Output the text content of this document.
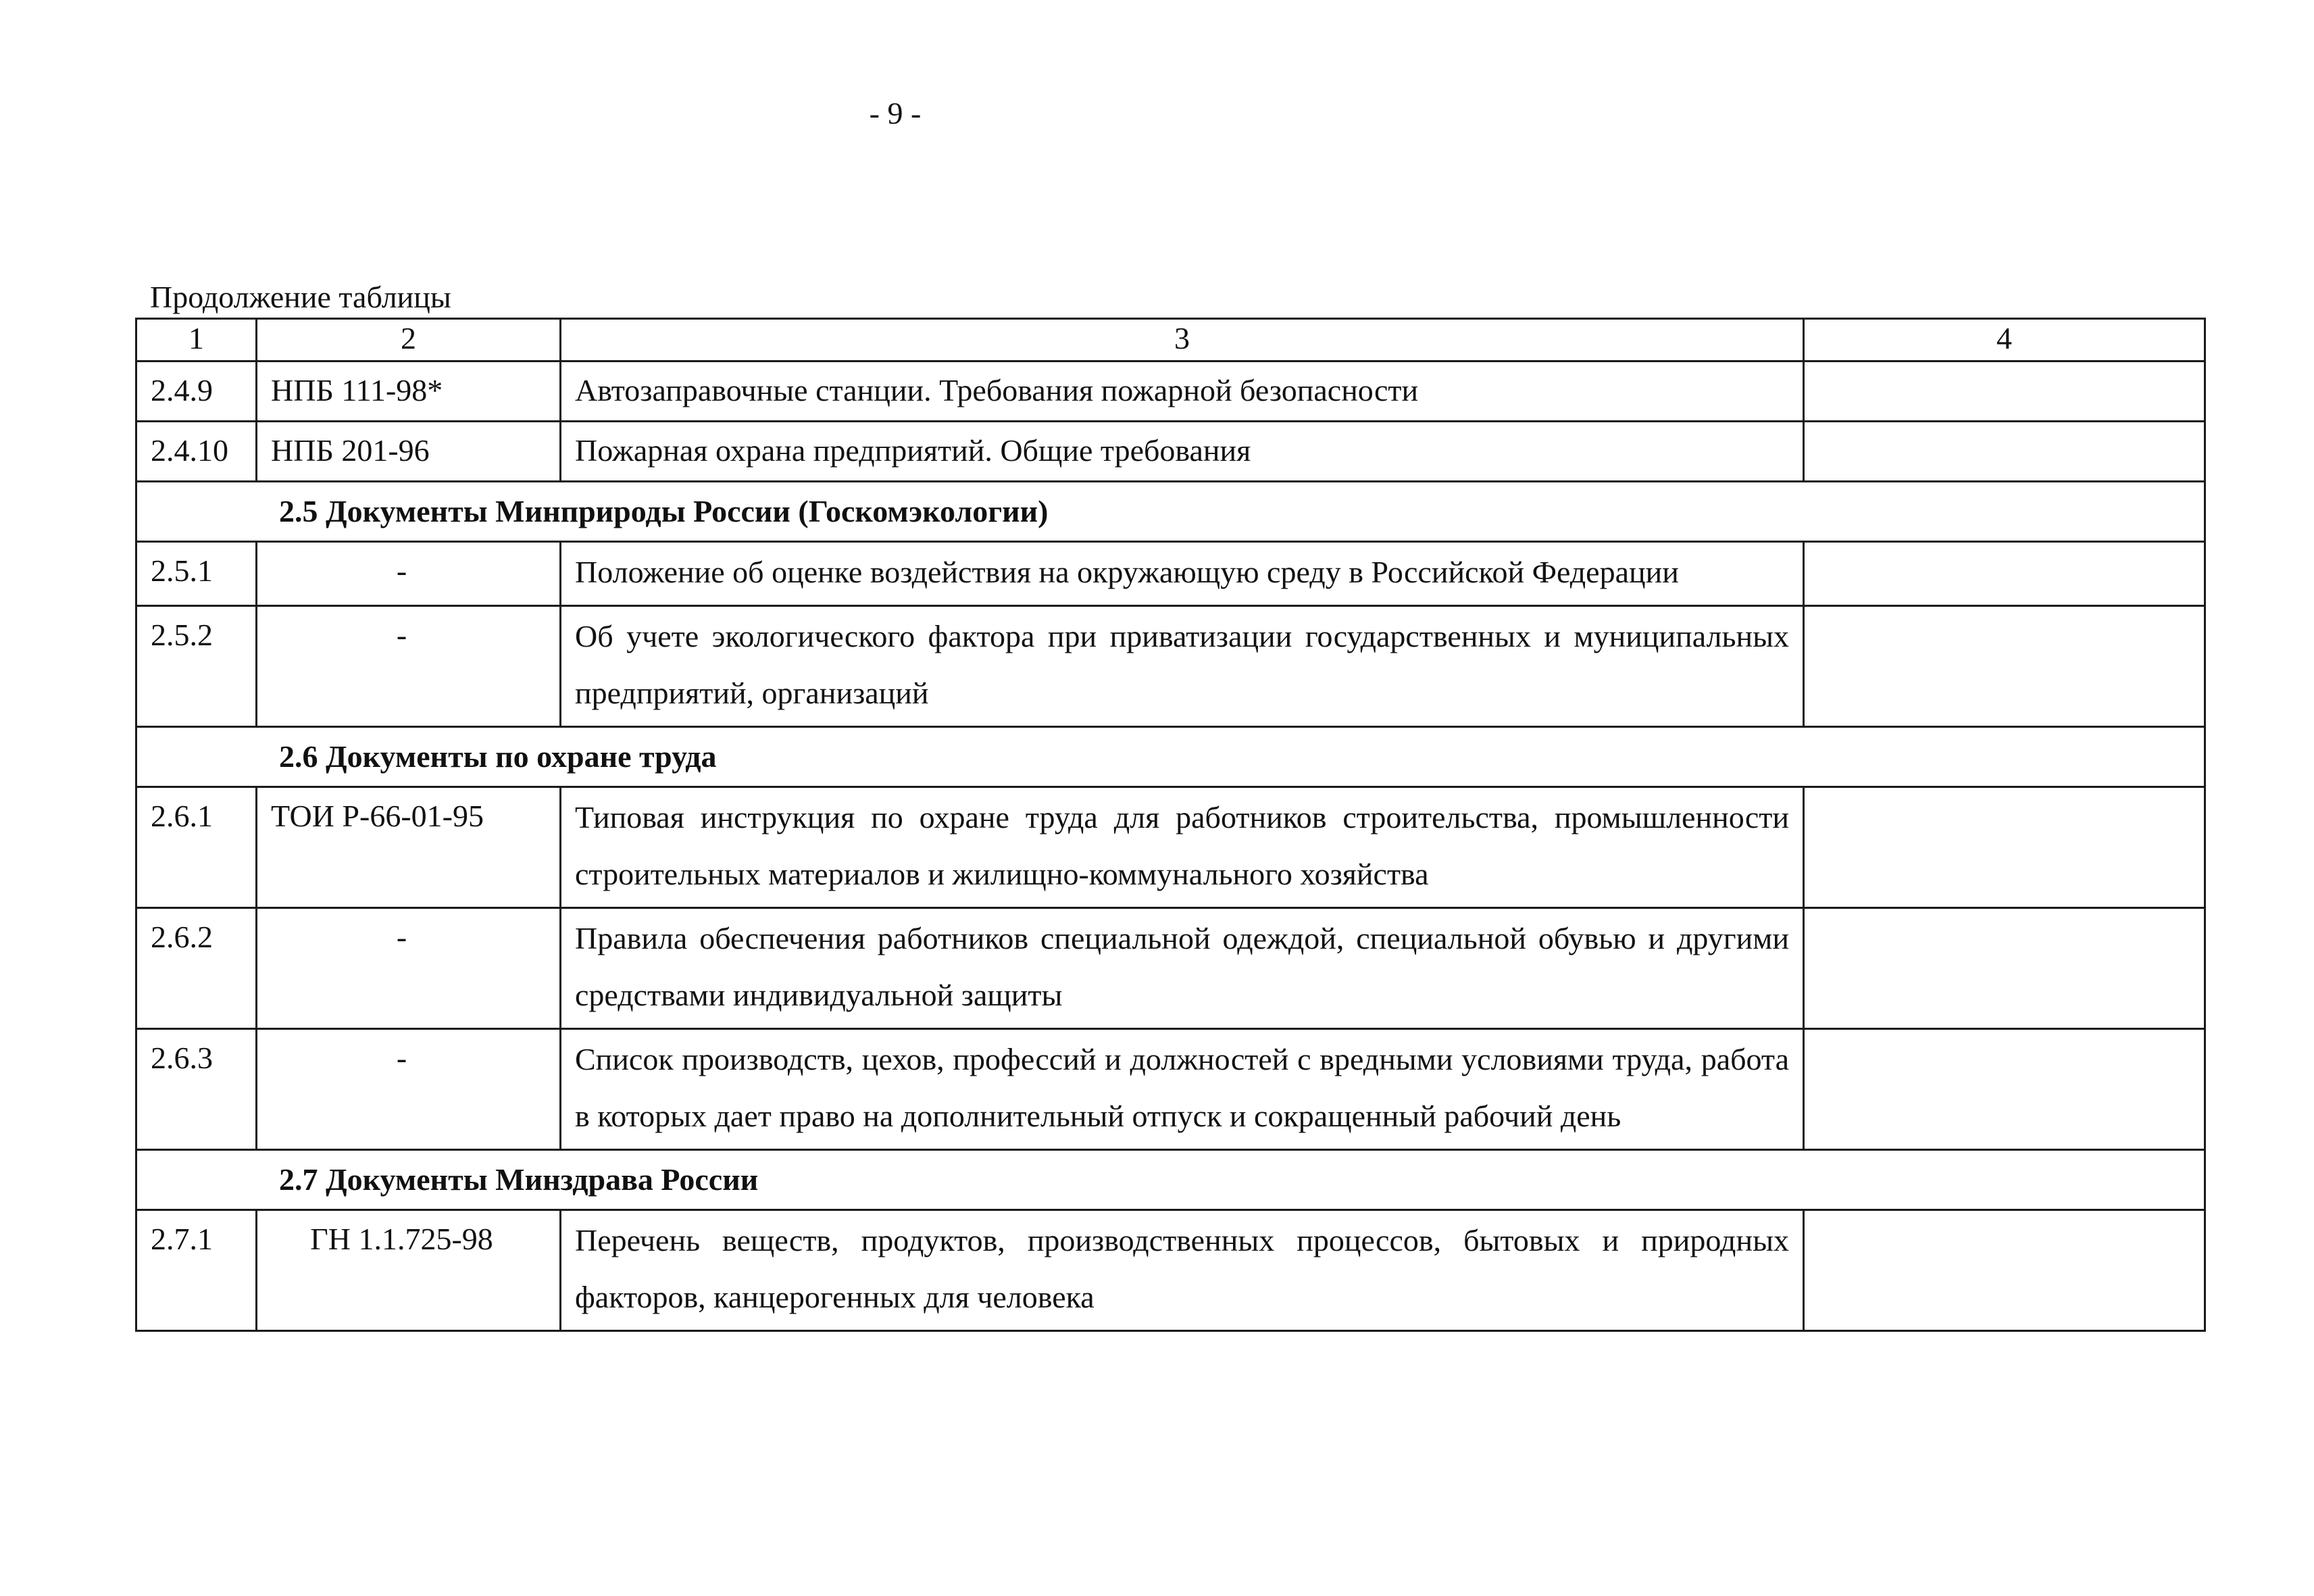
- 9 -
Продолжение таблицы
1	2	3	4
2.4.9	НПБ 111-98*	Автозаправочные станции. Требования пожарной безопасности	
2.4.10	НПБ 201-96	Пожарная охрана предприятий. Общие требования	
2.5 Документы Минприроды России (Госкомэкологии)			
2.5.1	-	Положение об оценке воздействия на окружающую среду в Российской Федерации	
2.5.2	-	Об учете экологического фактора при приватизации государственных и муниципальных предприятий, организаций	
2.6 Документы по охране труда			
2.6.1	ТОИ Р-66-01-95	Типовая инструкция по охране труда для работников строительства, промышленности строительных материалов и жилищно-коммунального хозяйства	
2.6.2	-	Правила обеспечения работников специальной одеждой, специальной обувью и другими средствами индивидуальной защиты	
2.6.3	-	Список производств, цехов, профессий и должностей с вредными условиями труда, работа в которых дает право на дополнительный отпуск и сокращенный рабочий день	
2.7 Документы Минздрава России			
2.7.1	ГН 1.1.725-98	Перечень веществ, продуктов, производственных процессов, бытовых и природных факторов, канцерогенных для человека	
